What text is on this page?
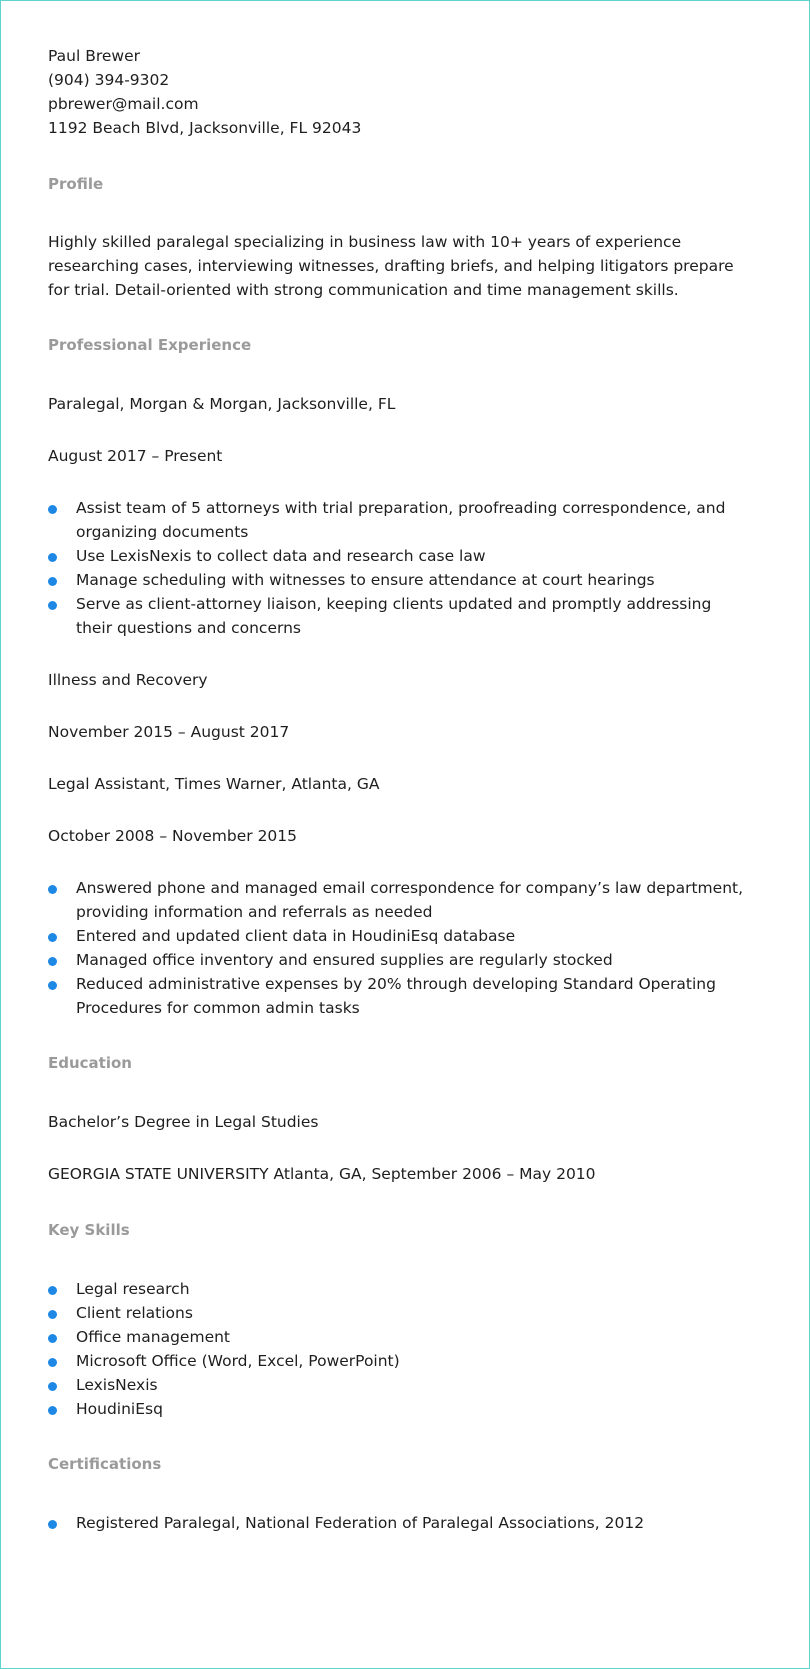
Paul Brewer
(904) 394-9302
pbrewer@mail.com
1192 Beach Blvd, Jacksonville, FL 92043
Profile

Highly skilled paralegal specializing in business law with 10+ years of experience researching cases, interviewing witnesses, drafting briefs, and helping litigators prepare for trial. Detail-oriented with strong communication and time management skills.

Professional Experience
Paralegal, Morgan & Morgan, Jacksonville, FL
August 2017 – Present
Assist team of 5 attorneys with trial preparation, proofreading correspondence, and organizing documents
Use LexisNexis to collect data and research case law
Manage scheduling with witnesses to ensure attendance at court hearings
Serve as client-attorney liaison, keeping clients updated and promptly addressing their questions and concerns
Illness and Recovery
November 2015 – August 2017
Legal Assistant, Times Warner, Atlanta, GA
October 2008 – November 2015
Answered phone and managed email correspondence for company’s law department, providing information and referrals as needed
Entered and updated client data in HoudiniEsq database
Managed office inventory and ensured supplies are regularly stocked
Reduced administrative expenses by 20% through developing Standard Operating Procedures for common admin tasks
Education
Bachelor’s Degree in Legal Studies
GEORGIA STATE UNIVERSITY Atlanta, GA, September 2006 – May 2010
Key Skills
Legal research
Client relations
Office management
Microsoft Office (Word, Excel, PowerPoint)
LexisNexis
HoudiniEsq
Certifications
Registered Paralegal, National Federation of Paralegal Associations, 2012
